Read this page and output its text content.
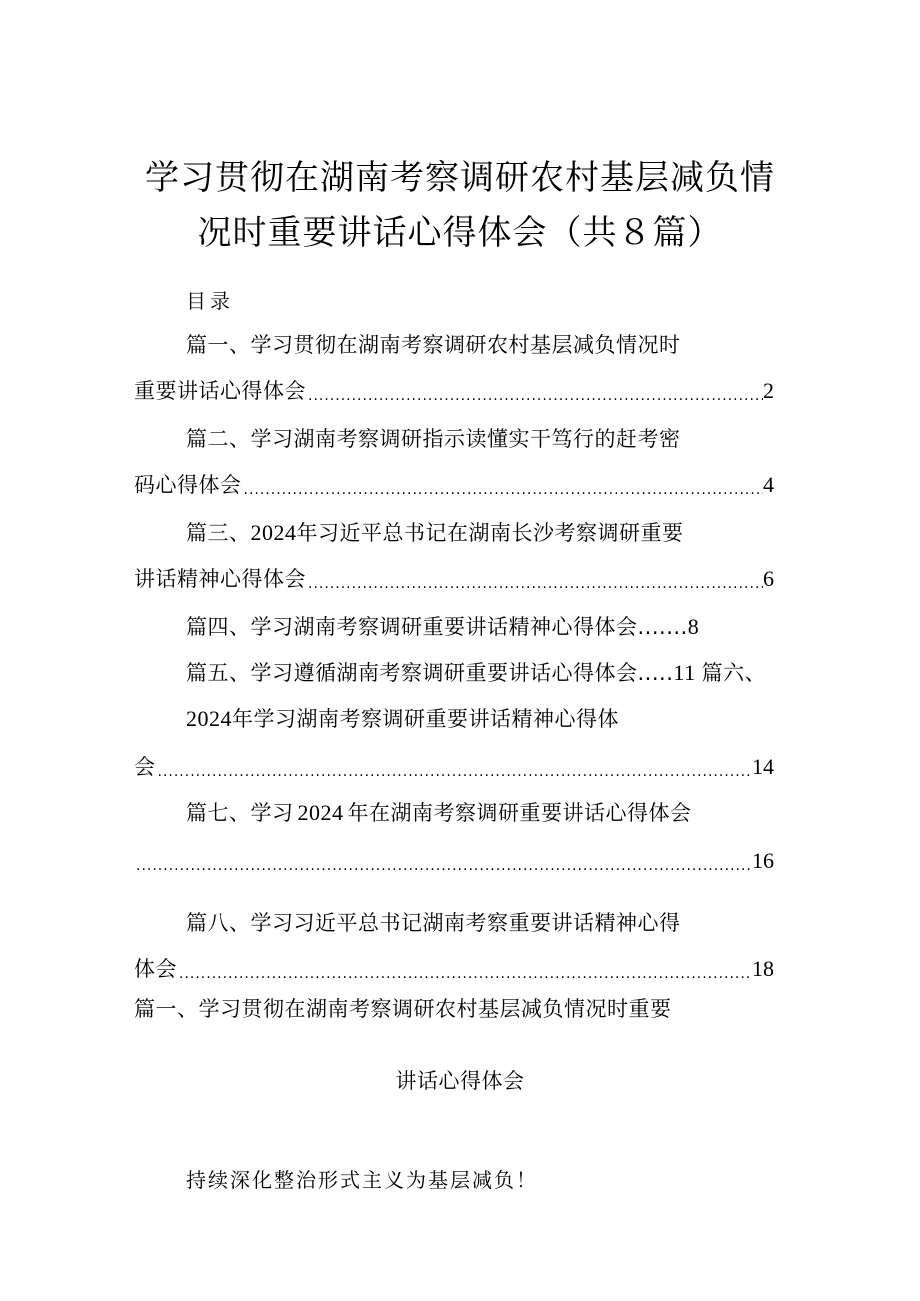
学习贯彻在湖南考察调研农村基层减负情
况时重要讲话心得体会（共８篇）
目录
篇一、学习贯彻在湖南考察调研农村基层减负情况时
重要讲话心得体会 .....	2
篇二、学习湖南考察调研指示读懂实干笃行的赶考密
码心得体会 .....	4
篇三、2024年习近平总书记在湖南长沙考察调研重要
讲话精神心得体会 .....	6
篇四、学习湖南考察调研重要讲话精神心得体会.......8
篇五、学习遵循湖南考察调研重要讲话心得体会.....11 篇六、
2024年学习湖南考察调研重要讲话精神心得体
会 .....	14
篇七、学习 2024 年在湖南考察调研重要讲话心得体会
.....
16
篇八、学习习近平总书记湖南考察重要讲话精神心得
体会 .....	18
篇一、学习贯彻在湖南考察调研农村基层减负情况时重要
讲话心得体会
持续深化整治形式主义为基层减负！
